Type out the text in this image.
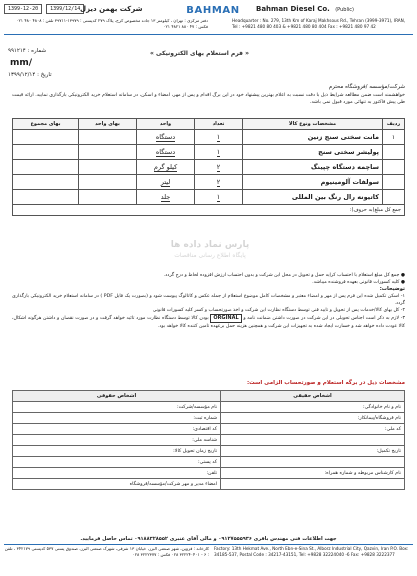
1399-12-20	1399/12/14 شرکت بهمن دیزل	BAHMAN Bahman Diesel Co. (Public)
دفتر مرکزی : تهران ، کیلومتر ۱۳ جاده مخصوص کرج، پلاک ۲۷۹ کدپستی : ۱۳۹۷۹-۳۹۷۱۱ تلفن : ۴۸۰۸ ۴۸۰ ۰۲۱ فکس : ۴۷ ۸۸۰ ۴۸۲۱ ۰۲۱
Headquarter : No. 279, 13th Km of Karaj Makhsous Rd., Tehran (3999-3971), IRAN, Tel : +9821 480 80 403 & +9821 480 80 404 Fax : +9821 480 97 42
شماره : ۹۹۱۲۱۴
mm/
تاریخ : ۱۳۹۹/۱۲/۱۴
« فرم استعلام بهای الکترونیکی »
شرکت/مؤسسه /فروشگاه محترم
خواهشمند است ضمن مطالعه شرایط ذیل با دقت نسبت به اعلام بهترین پیشنهاد خود در این برگ اقدام و پس از مهر، امضاء و اسکن، در سامانه استعلام خرید الکترونیکی بارگذاری نمایید. ارائه قیمت طی پیش فاکتور به تنهائی مورد قبول نمی باشد.
ردیف	مشخصات ونوع کالا	تعداد	واحد	بهای واحد	بهای مجموع
۱	مانت سختی سنج زنین	۱	دستگاه		
	پولیشر سختی سنج	۱	دستگاه		
	ساچمه دستگاه چپینگ	۲	کیلو گرم		
	سولفات آلومینیوم	۲	لیتر		
	کاتیونه رال رنگ بین المللی	۱	جلد		
جمع کل مبلغ(به حروف):					
پارس نماد داده ها
پایگاه اطلاع رسانی مناقصات
● جمع کل مبلغ استعلام با احتساب کرایه حمل و تحویل در محل این شرکت و بدون احتساب ارزش افزوده لحاظ و درج گردد.
● کلیه کسورات قانونی بعهده فروشنده میباشد.
توضیحات:
۱- اسکن تکمیل شده این فرم پس از مهر و امضاء معتبر و مشخصات کامل موضوع استعلام از جمله عکس و کاتالوگ پیوست شود و (بصورت یک فایل PDF ) در سامانه استعلام خرید الکترونیکی بارگذاری گردد.
۲- کل بهای کالا/خدمات پس از تحویل و تایید فنی توسط دستگاه نظارت این شرکت و اخذ صورتحساب و کسر کلیه کسورات قانونی
۳- لازم به ذکر است اجناس تحویلی در این شرکت در صورت داشتن ضمانت نامه و ORGINAL بودن کالا توسط دستگاه نظارت مورد تائید خواهد گرفت و در صورت نقصان و داشتن هرگونه اشکال، کالا عودت داده خواهد شد و خسارت ایجاد شده به تجهیزات این شرکت و همچنین هزینه حمل برعهده تامین کننده کالا خواهد بود.
مشخصات ذیل در برگه استعلام و صورتحساب الزامی است:
اشخاص حقیقی	اشخاص حقوقی
نام و نام خانوادگی:	نام مؤسسه/شرکت:
نام فروشگاه/پیمانکار:	شماره ثبت:
کد ملی:	کد اقتصادی:
	شناسه ملی:
تاریخ تکمیل:	تاریخ زمان تحویل کالا:
	کد پستی:
نام کارشناس مربوطه و شماره همراه:	تلفن:
	امضاء مدیر و مهر شرکت/مؤسسه/فروشگاه
جهت اطلاعات فنی مهندس باقری ۰۹۱۲۷۵۵۵۹۳۶ و مالی آقای عنبری ۰۹۱۸۸۳۲۸۵۵۲ تماس حاصل فرمایید.
کارخانه : قزوین، شهر صنعتی البرز، خیابان ۱۳ شرقی، شهرک صنعتی البرز، صندوق پستی ۵۳۷ کدپستی ۳۴۲۱۷۹ ، تلفن : ۶ - ۳۲۲۲۴۰۴۰۱ ۰۲۸ فکس : ۳۲۲۲۳۷۷ ۰۲۸
Factory: 13th Hekmat Ave., North Ebn-e-Sina St., Alborz Industrial City, Qazvin, Iran P.O. Box: 34185-537, Postal Code : 34217-43151, Tel: +9828 32224040 -6 Fax: +9828 3222377
